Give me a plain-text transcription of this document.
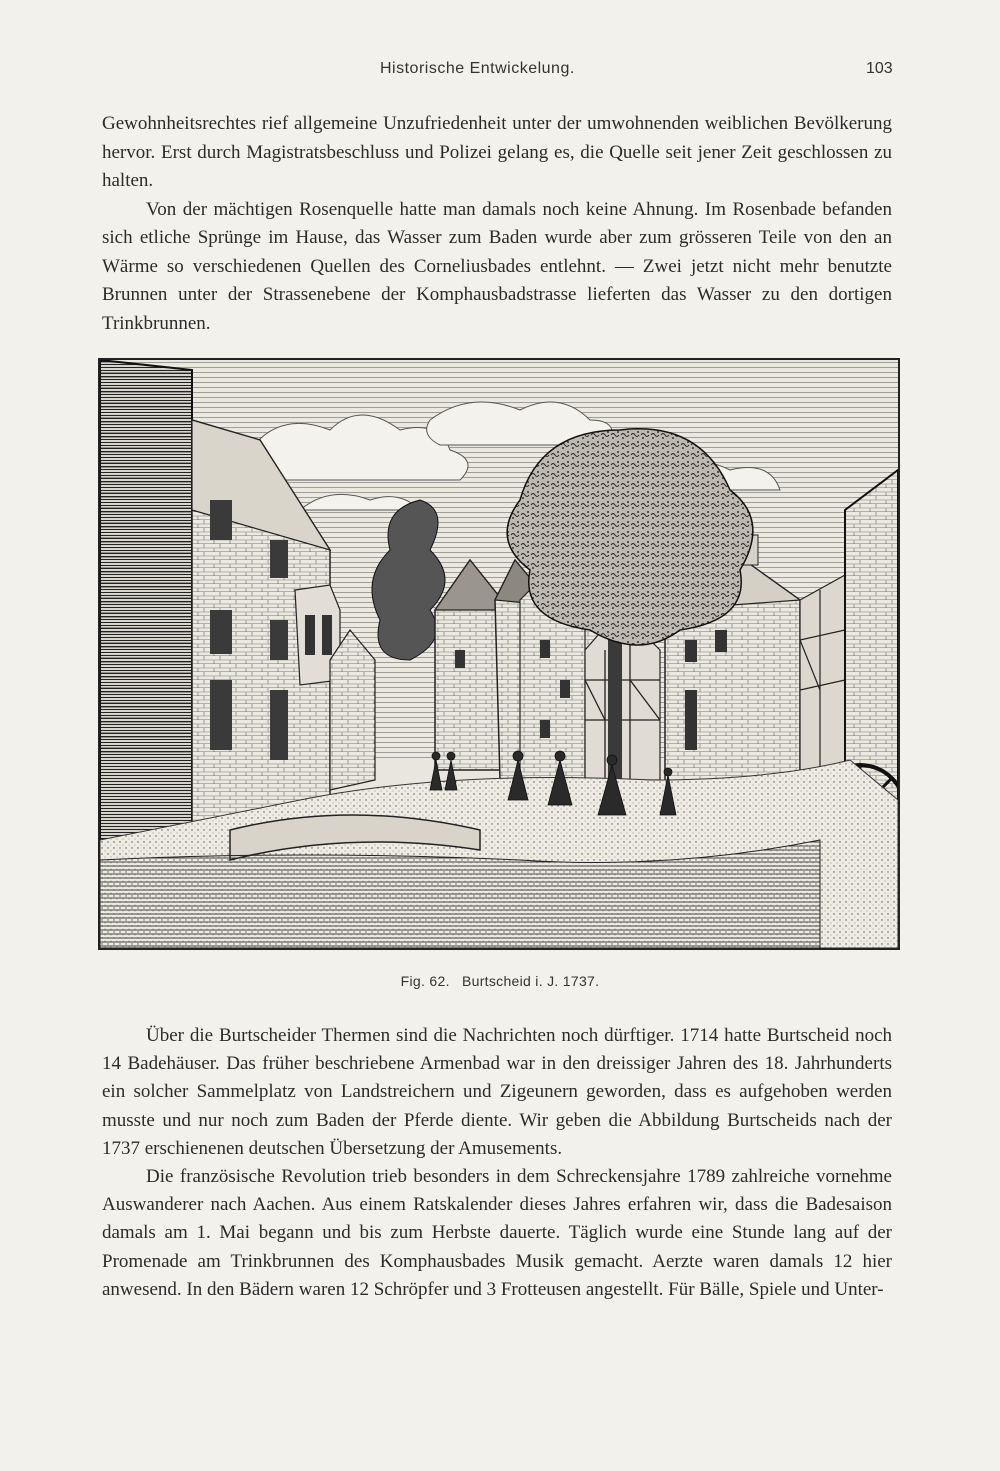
Historische Entwickelung.	103

Gewohnheitsrechtes rief allgemeine Unzufriedenheit unter der umwohnenden weiblichen Bevölkerung hervor. Erst durch Magistratsbeschluss und Polizei gelang es, die Quelle seit jener Zeit geschlossen zu halten.

Von der mächtigen Rosenquelle hatte man damals noch keine Ahnung. Im Rosenbade befanden sich etliche Sprünge im Hause, das Wasser zum Baden wurde aber zum grösseren Teile von den an Wärme so verschiedenen Quellen des Corneliusbades entlehnt. — Zwei jetzt nicht mehr benutzte Brunnen unter der Strassenebene der Komphausbadstrasse lieferten das Wasser zu den dortigen Trinkbrunnen.

Fig. 62. Burtscheid i. J. 1737.

Über die Burtscheider Thermen sind die Nachrichten noch dürftiger. 1714 hatte Burtscheid noch 14 Badehäuser. Das früher beschriebene Armenbad war in den dreissiger Jahren des 18. Jahrhunderts ein solcher Sammelplatz von Landstreichern und Zigeunern geworden, dass es aufgehoben werden musste und nur noch zum Baden der Pferde diente. Wir geben die Abbildung Burtscheids nach der 1737 erschienenen deutschen Übersetzung der Amusements.

Die französische Revolution trieb besonders in dem Schreckensjahre 1789 zahlreiche vornehme Auswanderer nach Aachen. Aus einem Ratskalender dieses Jahres erfahren wir, dass die Badesaison damals am 1. Mai begann und bis zum Herbste dauerte. Täglich wurde eine Stunde lang auf der Promenade am Trinkbrunnen des Komphausbades Musik gemacht. Aerzte waren damals 12 hier anwesend. In den Bädern waren 12 Schröpfer und 3 Frotteusen angestellt. Für Bälle, Spiele und Unter-
